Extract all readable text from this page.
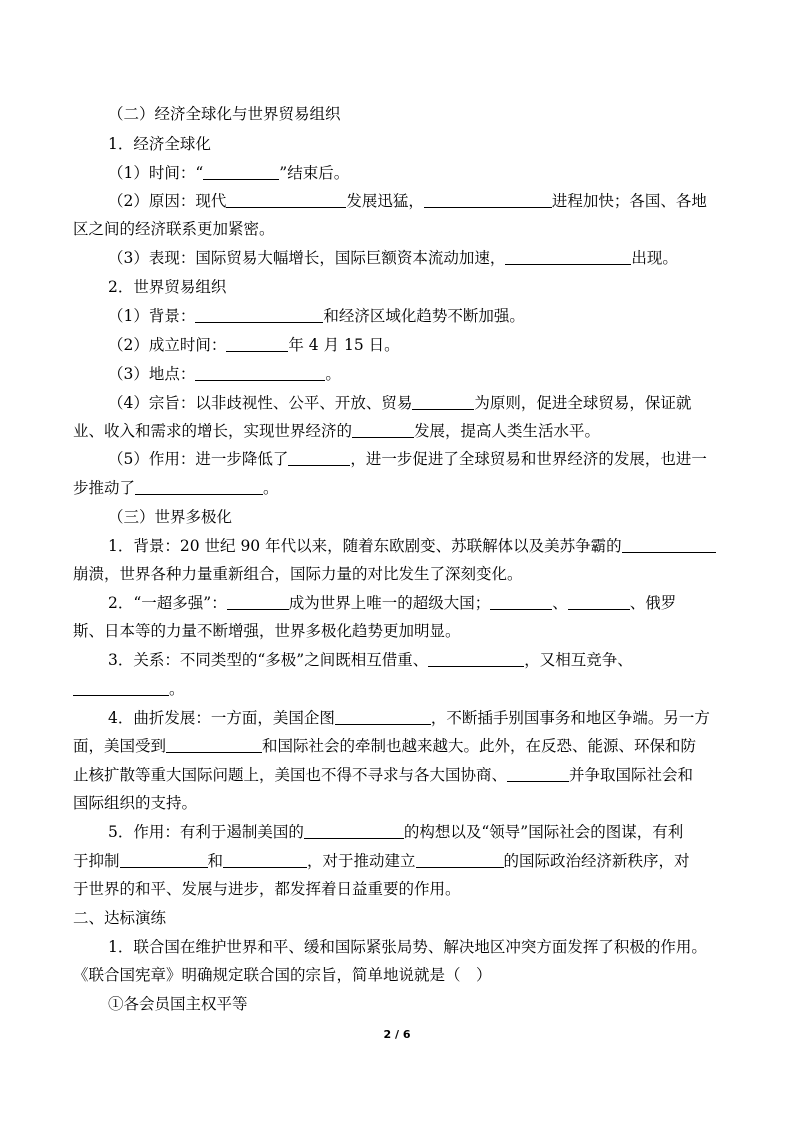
（二）经济全球化与世界贸易组织
1．经济全球化
（1）时间：“	”结束后。
（2）原因：现代	发展迅猛，	进程加快；各国、各地
区之间的经济联系更加紧密。
（3）表现：国际贸易大幅增长，国际巨额资本流动加速，	出现。
2．世界贸易组织
（1）背景：	和经济区域化趋势不断加强。
（2）成立时间：	年 4 月 15 日。
（3）地点：	。
（4）宗旨：以非歧视性、公平、开放、贸易	为原则，促进全球贸易，保证就
业、收入和需求的增长，实现世界经济的	发展，提高人类生活水平。
（5）作用：进一步降低了	，进一步促进了全球贸易和世界经济的发展，也进一
步推动了	。
（三）世界多极化
1．背景：20 世纪 90 年代以来，随着东欧剧变、苏联解体以及美苏争霸的
崩溃，世界各种力量重新组合，国际力量的对比发生了深刻变化。
2．“一超多强”：	成为世界上唯一的超级大国；	、	、俄罗
斯、日本等的力量不断增强，世界多极化趋势更加明显。
3．关系：不同类型的“多极”之间既相互借重、	，又相互竞争、
。
4．曲折发展：一方面，美国企图	，不断插手别国事务和地区争端。另一方
面，美国受到	和国际社会的牵制也越来越大。此外，在反恐、能源、环保和防
止核扩散等重大国际问题上，美国也不得不寻求与各大国协商、	并争取国际社会和
国际组织的支持。
5．作用：有利于遏制美国的	的构想以及“领导”国际社会的图谋，有利
于抑制	和	，对于推动建立	的国际政治经济新秩序，对
于世界的和平、发展与进步，都发挥着日益重要的作用。
二、达标演练
1．联合国在维护世界和平、缓和国际紧张局势、解决地区冲突方面发挥了积极的作用。
《联合国宪章》明确规定联合国的宗旨，简单地说就是（　）
①各会员国主权平等
2 / 6
